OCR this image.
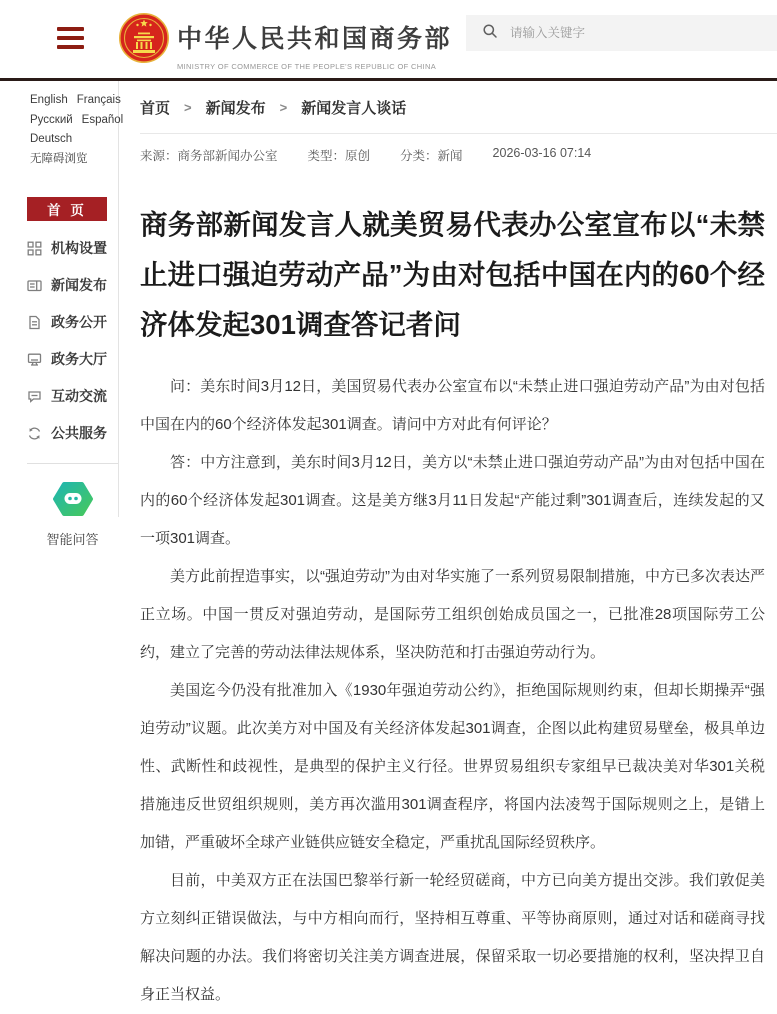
中华人民共和国商务部
MINISTRY OF COMMERCE OF THE PEOPLE'S REPUBLIC OF CHINA
请输入关键字
English Français
Русский Español
Deutsch
无障碍浏览
首 页
机构设置
新闻发布
政务公开
政务大厅
互动交流
公共服务
智能问答
首页 > 新闻发布 > 新闻发言人谈话
来源：商务部新闻办公室 类型：原创 分类：新闻 2026-03-16 07:14
商务部新闻发言人就美贸易代表办公室宣布以“未禁止进口强迫劳动产品”为由对包括中国在内的60个经济体发起301调查答记者问

问：美东时间3月12日，美国贸易代表办公室宣布以“未禁止进口强迫劳动产品”为由对包括中国在内的60个经济体发起301调查。请问中方对此有何评论？

答：中方注意到，美东时间3月12日，美方以“未禁止进口强迫劳动产品”为由对包括中国在内的60个经济体发起301调查。这是美方继3月11日发起“产能过剩”301调查后，连续发起的又一项301调查。

美方此前捏造事实，以“强迫劳动”为由对华实施了一系列贸易限制措施，中方已多次表达严正立场。中国一贯反对强迫劳动，是国际劳工组织创始成员国之一，已批准28项国际劳工公约，建立了完善的劳动法律法规体系，坚决防范和打击强迫劳动行为。

美国迄今仍没有批准加入《1930年强迫劳动公约》，拒绝国际规则约束，但却长期操弄“强迫劳动”议题。此次美方对中国及有关经济体发起301调查，企图以此构建贸易壁垒，极具单边性、武断性和歧视性，是典型的保护主义行径。世界贸易组织专家组早已裁决美对华301关税措施违反世贸组织规则，美方再次滥用301调查程序，将国内法凌驾于国际规则之上，是错上加错，严重破坏全球产业链供应链安全稳定，严重扰乱国际经贸秩序。

目前，中美双方正在法国巴黎举行新一轮经贸磋商，中方已向美方提出交涉。我们敦促美方立刻纠正错误做法，与中方相向而行，坚持相互尊重、平等协商原则，通过对话和磋商寻找解决问题的办法。我们将密切关注美方调查进展，保留采取一切必要措施的权利，坚决捍卫自身正当权益。
